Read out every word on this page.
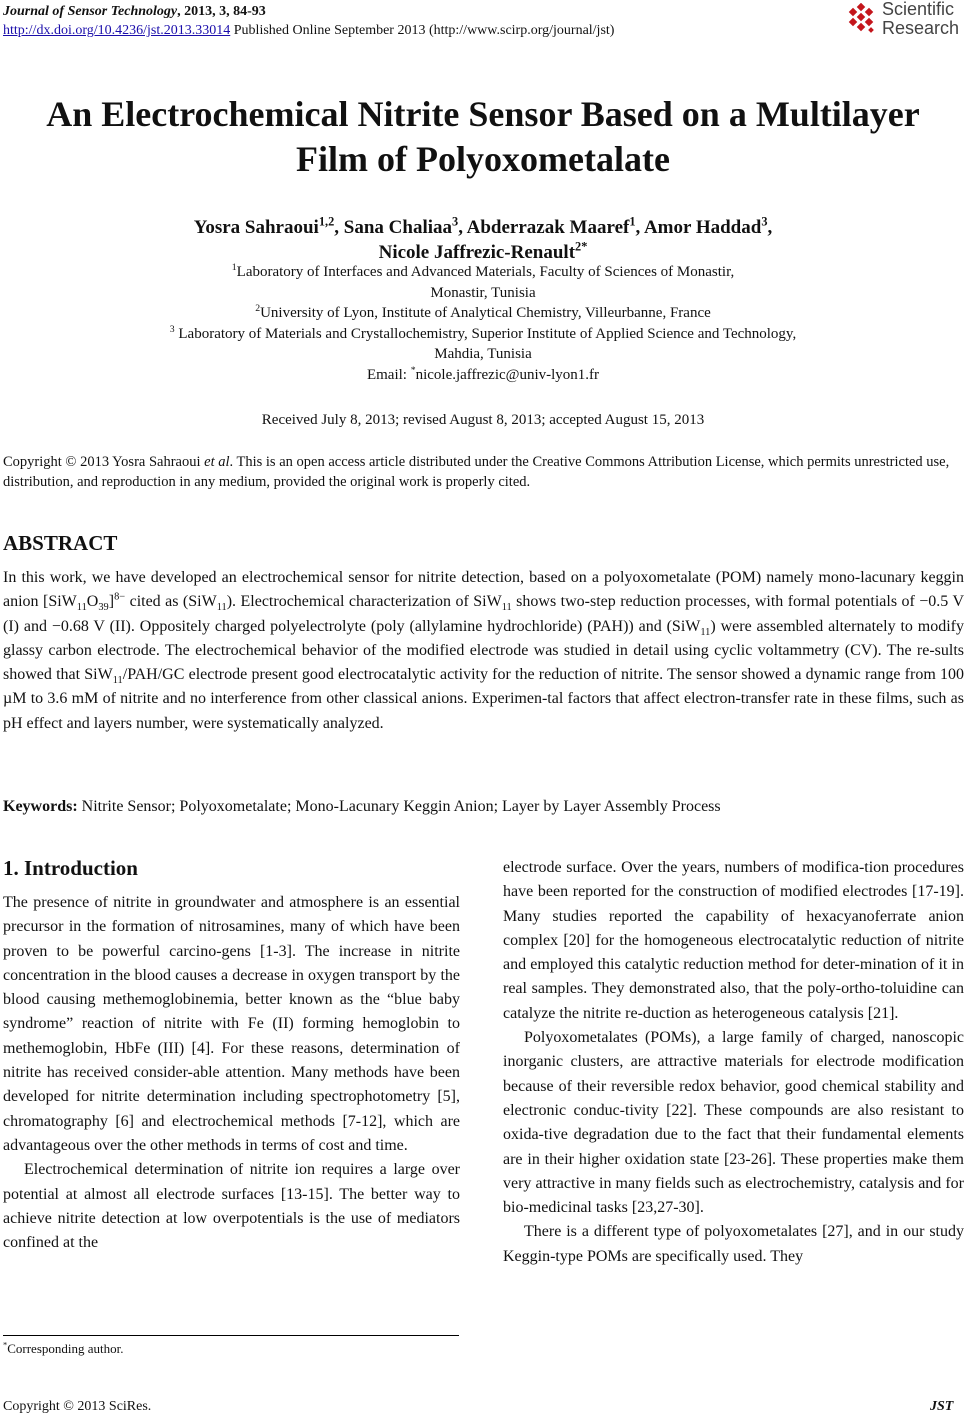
Journal of Sensor Technology, 2013, 3, 84-93
http://dx.doi.org/10.4236/jst.2013.33014 Published Online September 2013 (http://www.scirp.org/journal/jst)
Scientific
Research
An Electrochemical Nitrite Sensor Based on a Multilayer
Film of Polyoxometalate
Yosra Sahraoui$^{1,2}$, Sana Chaliaa$^3$, Abderrazak Maaref$^1$, Amor Haddad$^3$,
Nicole Jaffrezic-Renault$^{2*}$
$^1$Laboratory of Interfaces and Advanced Materials, Faculty of Sciences of Monastir,
Monastir, Tunisia
$^2$University of Lyon, Institute of Analytical Chemistry, Villeurbanne, France
$^3$ Laboratory of Materials and Crystallochemistry, Superior Institute of Applied Science and Technology,
Mahdia, Tunisia
Email: *nicole.jaffrezic@univ-lyon1.fr
Received July 8, 2013; revised August 8, 2013; accepted August 15, 2013
Copyright © 2013 Yosra Sahraoui et al. This is an open access article distributed under the Creative Commons Attribution License, which permits unrestricted use, distribution, and reproduction in any medium, provided the original work is properly cited.
ABSTRACT
In this work, we have developed an electrochemical sensor for nitrite detection, based on a polyoxometalate (POM) namely mono-lacunary keggin anion $[SiW_{11}O_{39}]^{8-}$ cited as (SiW$_{11}$). Electrochemical characterization of SiW$_{11}$ shows two-step reduction processes, with formal potentials of −0.5 V (I) and −0.68 V (II). Oppositely charged polyelectrolyte (poly (allylamine hydrochloride) (PAH)) and (SiW$_{11}$) were assembled alternately to modify glassy carbon electrode. The electrochemical behavior of the modified electrode was studied in detail using cyclic voltammetry (CV). The re-sults showed that SiW$_{11}$/PAH/GC electrode present good electrocatalytic activity for the reduction of nitrite. The sensor showed a dynamic range from 100 µM to 3.6 mM of nitrite and no interference from other classical anions. Experimen-tal factors that affect electron-transfer rate in these films, such as pH effect and layers number, were systematically analyzed.
Keywords: Nitrite Sensor; Polyoxometalate; Mono-Lacunary Keggin Anion; Layer by Layer Assembly Process
1. Introduction

The presence of nitrite in groundwater and atmosphere is an essential precursor in the formation of nitrosamines, many of which have been proven to be powerful carcino-gens [1-3]. The increase in nitrite concentration in the blood causes a decrease in oxygen transport by the blood causing methemoglobinemia, better known as the “blue baby syndrome” reaction of nitrite with Fe (II) forming hemoglobin to methemoglobin, HbFe (III) [4]. For these reasons, determination of nitrite has received consider-able attention. Many methods have been developed for nitrite determination including spectrophotometry [5], chromatography [6] and electrochemical methods [7-12], which are advantageous over the other methods in terms of cost and time.

Electrochemical determination of nitrite ion requires a large over potential at almost all electrode surfaces [13-15]. The better way to achieve nitrite detection at low overpotentials is the use of mediators confined at the

electrode surface. Over the years, numbers of modifica-tion procedures have been reported for the construction of modified electrodes [17-19]. Many studies reported the capability of hexacyanoferrate anion complex [20] for the homogeneous electrocatalytic reduction of nitrite and employed this catalytic reduction method for deter-mination of it in real samples. They demonstrated also, that the poly-ortho-toluidine can catalyze the nitrite re-duction as heterogeneous catalysis [21].

Polyoxometalates (POMs), a large family of charged, nanoscopic inorganic clusters, are attractive materials for electrode modification because of their reversible redox behavior, good chemical stability and electronic conduc-tivity [22]. These compounds are also resistant to oxida-tive degradation due to the fact that their fundamental elements are in their higher oxidation state [23-26]. These properties make them very attractive in many fields such as electrochemistry, catalysis and for bio-medicinal tasks [23,27-30].

There is a different type of polyoxometalates [27], and in our study Keggin-type POMs are specifically used. They

*Corresponding author.
Copyright © 2013 SciRes.	JST
